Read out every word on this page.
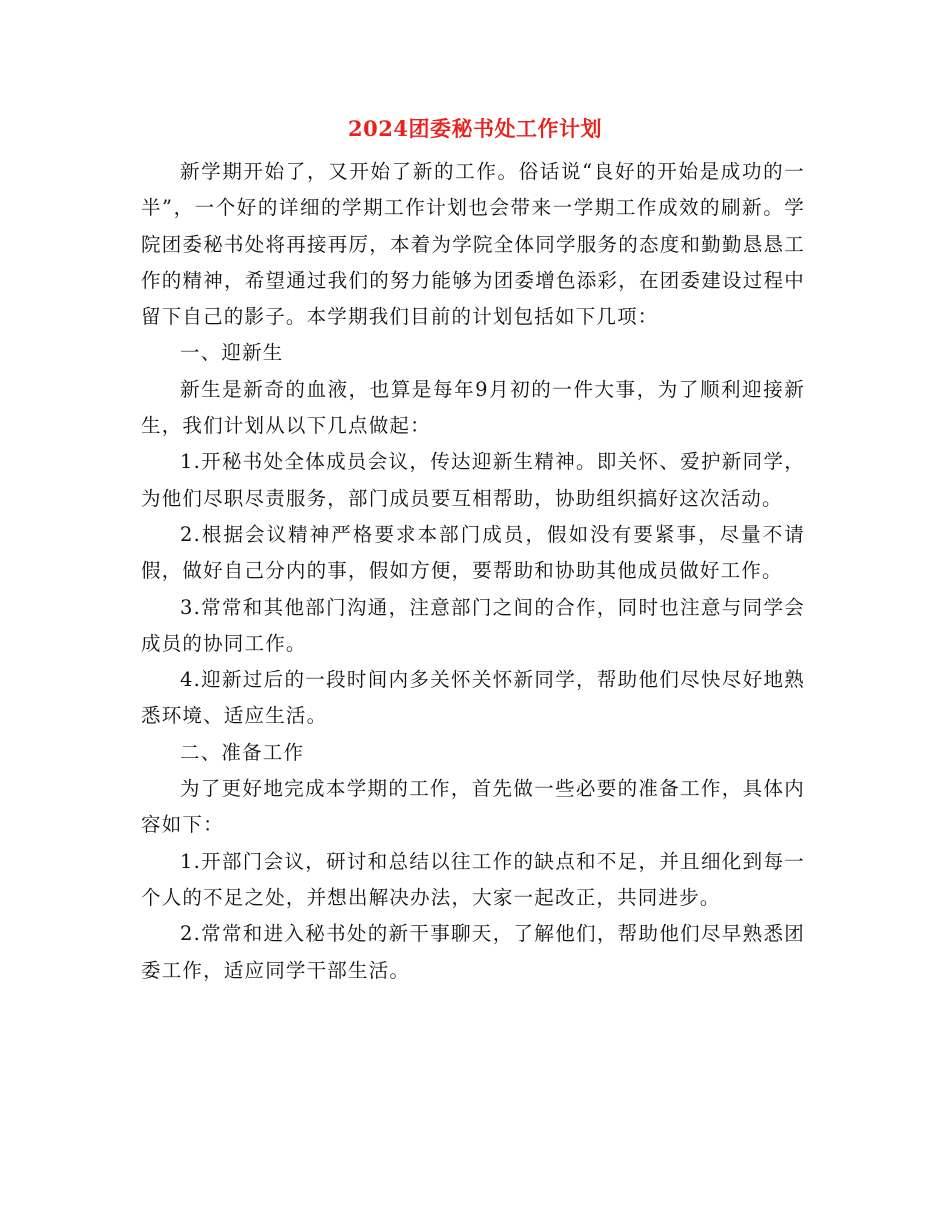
2024团委秘书处工作计划

新学期开始了，又开始了新的工作。俗话说“良好的开始是成功的一半”，一个好的详细的学期工作计划也会带来一学期工作成效的刷新。学院团委秘书处将再接再厉，本着为学院全体同学服务的态度和勤勤恳恳工作的精神，希望通过我们的努力能够为团委增色添彩，在团委建设过程中留下自己的影子。本学期我们目前的计划包括如下几项：

一、迎新生

新生是新奇的血液，也算是每年9月初的一件大事，为了顺利迎接新生，我们计划从以下几点做起：

1.开秘书处全体成员会议，传达迎新生精神。即关怀、爱护新同学，为他们尽职尽责服务，部门成员要互相帮助，协助组织搞好这次活动。

2.根据会议精神严格要求本部门成员，假如没有要紧事，尽量不请假，做好自己分内的事，假如方便，要帮助和协助其他成员做好工作。

3.常常和其他部门沟通，注意部门之间的合作，同时也注意与同学会成员的协同工作。

4.迎新过后的一段时间内多关怀关怀新同学，帮助他们尽快尽好地熟悉环境、适应生活。

二、准备工作

为了更好地完成本学期的工作，首先做一些必要的准备工作，具体内容如下：

1.开部门会议，研讨和总结以往工作的缺点和不足，并且细化到每一个人的不足之处，并想出解决办法，大家一起改正，共同进步。

2.常常和进入秘书处的新干事聊天，了解他们，帮助他们尽早熟悉团委工作，适应同学干部生活。
